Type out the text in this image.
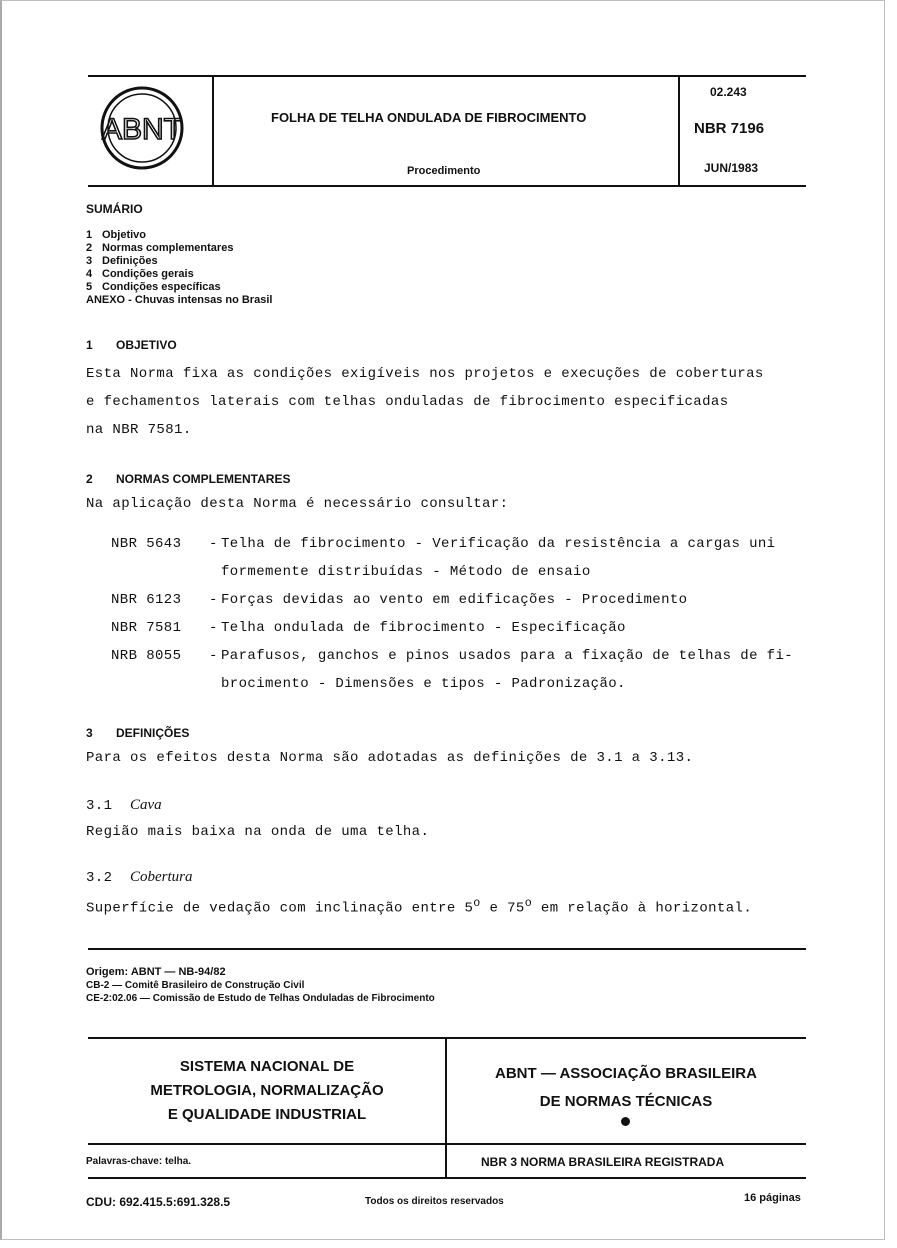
ABNT	FOLHA DE TELHA ONDULADA DE FIBROCIMENTO
Procedimento
02.243
NBR 7196
JUN/1983
SUMÁRIO
1 Objetivo
2 Normas complementares
3 Definições
4 Condições gerais
5 Condições específicas
ANEXO - Chuvas intensas no Brasil
1 OBJETIVO
Esta Norma fixa as condições exigíveis nos projetos e execuções de coberturas
e fechamentos laterais com telhas onduladas de fibrocimento especificadas
na NBR 7581.
2 NORMAS COMPLEMENTARES
Na aplicação desta Norma é necessário consultar:
NBR 5643 - Telha de fibrocimento - Verificação da resistência a cargas uni
formemente distribuídas - Método de ensaio
NBR 6123 - Forças devidas ao vento em edificações - Procedimento
NBR 7581 - Telha ondulada de fibrocimento - Especificação
NRB 8055 - Parafusos, ganchos e pinos usados para a fixação de telhas de fi-
brocimento - Dimensões e tipos - Padronização.
3 DEFINIÇÕES
Para os efeitos desta Norma são adotadas as definições de 3.1 a 3.13.
3.1 Cava
Região mais baixa na onda de uma telha.
3.2 Cobertura
Superfície de vedação com inclinação entre 5$^o$ e 75$^o$ em relação à horizontal.
Origem: ABNT — NB-94/82
CB-2 — Comitê Brasileiro de Construção Civil
CE-2:02.06 — Comissão de Estudo de Telhas Onduladas de Fibrocimento
SISTEMA NACIONAL DE
METROLOGIA, NORMALIZAÇÃO
E QUALIDADE INDUSTRIAL
ABNT — ASSOCIAÇÃO BRASILEIRA
DE NORMAS TÉCNICAS
Palavras-chave: telha.	NBR 3 NORMA BRASILEIRA REGISTRADA
CDU: 692.415.5:691.328.5	Todos os direitos reservados	16 páginas
